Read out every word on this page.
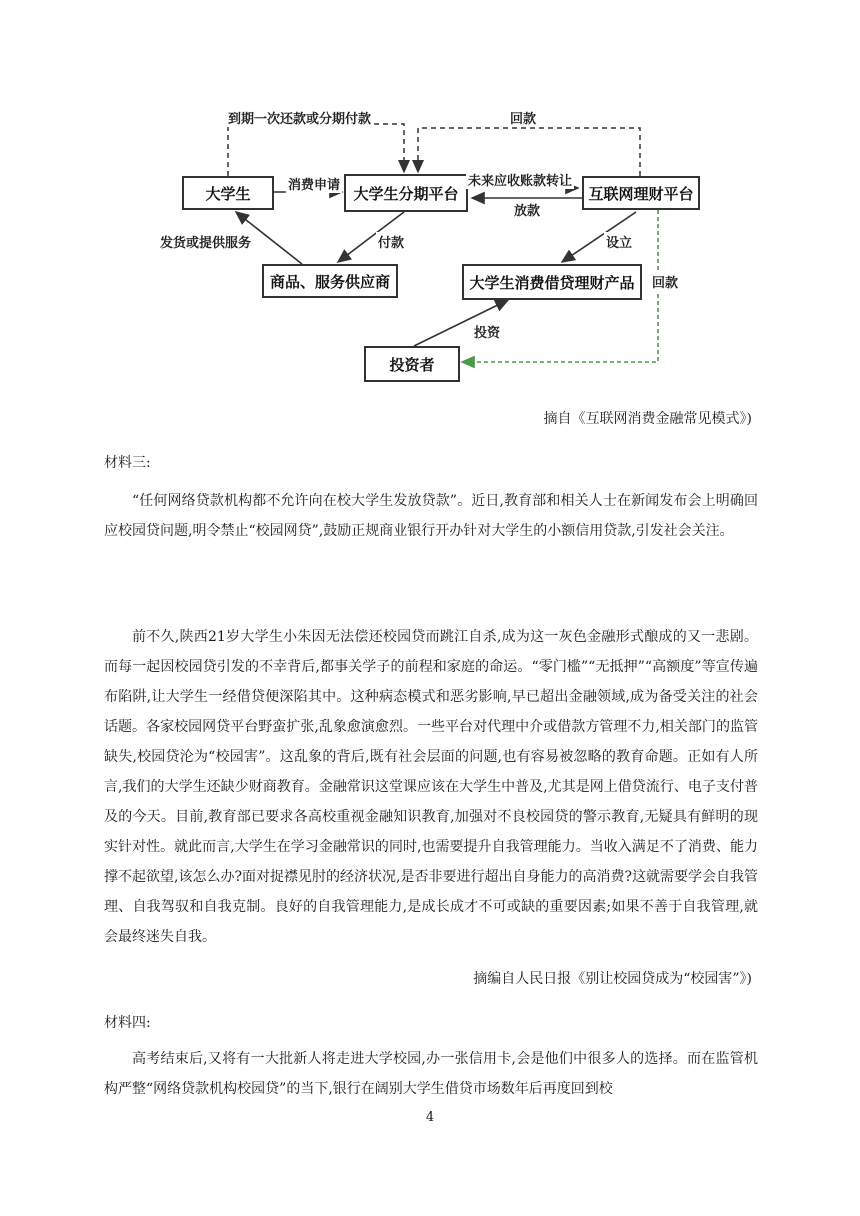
大学生	大学生分期平台	互联网理财平台
商品、服务供应商	大学生消费借贷理财产品
投资者
到期一次还款或分期付款	回款
消费申请	未来应收账款转让
放款
发货或提供服务	付款	设立
回款
投资
摘自《互联网消费金融常见模式》)
材料三:

“任何网络贷款机构都不允许向在校大学生发放贷款”。近日,教育部和相关人士在新闻发布会上明确回应校园贷问题,明令禁止“校园网贷”,鼓励正规商业银行开办针对大学生的小额信用贷款,引发社会关注。

前不久,陕西21岁大学生小朱因无法偿还校园贷而跳江自杀,成为这一灰色金融形式酿成的又一悲剧。而每一起因校园贷引发的不幸背后,都事关学子的前程和家庭的命运。“零门槛”“无抵押”“高额度”等宣传遍布陷阱,让大学生一经借贷便深陷其中。这种病态模式和恶劣影响,早已超出金融领域,成为备受关注的社会话题。各家校园网贷平台野蛮扩张,乱象愈演愈烈。一些平台对代理中介或借款方管理不力,相关部门的监管缺失,校园贷沦为“校园害”。这乱象的背后,既有社会层面的问题,也有容易被忽略的教育命题。正如有人所言,我们的大学生还缺少财商教育。金融常识这堂课应该在大学生中普及,尤其是网上借贷流行、电子支付普及的今天。目前,教育部已要求各高校重视金融知识教育,加强对不良校园贷的警示教育,无疑具有鲜明的现实针对性。就此而言,大学生在学习金融常识的同时,也需要提升自我管理能力。当收入满足不了消费、能力撑不起欲望,该怎么办?面对捉襟见肘的经济状况,是否非要进行超出自身能力的高消费?这就需要学会自我管理、自我驾驭和自我克制。良好的自我管理能力,是成长成才不可或缺的重要因素;如果不善于自我管理,就会最终迷失自我。

摘编自人民日报《别让校园贷成为“校园害”》)
材料四:

高考结束后,又将有一大批新人将走进大学校园,办一张信用卡,会是他们中很多人的选择。而在监管机构严整“网络贷款机构校园贷”的当下,银行在阔别大学生借贷市场数年后再度回到校

4
